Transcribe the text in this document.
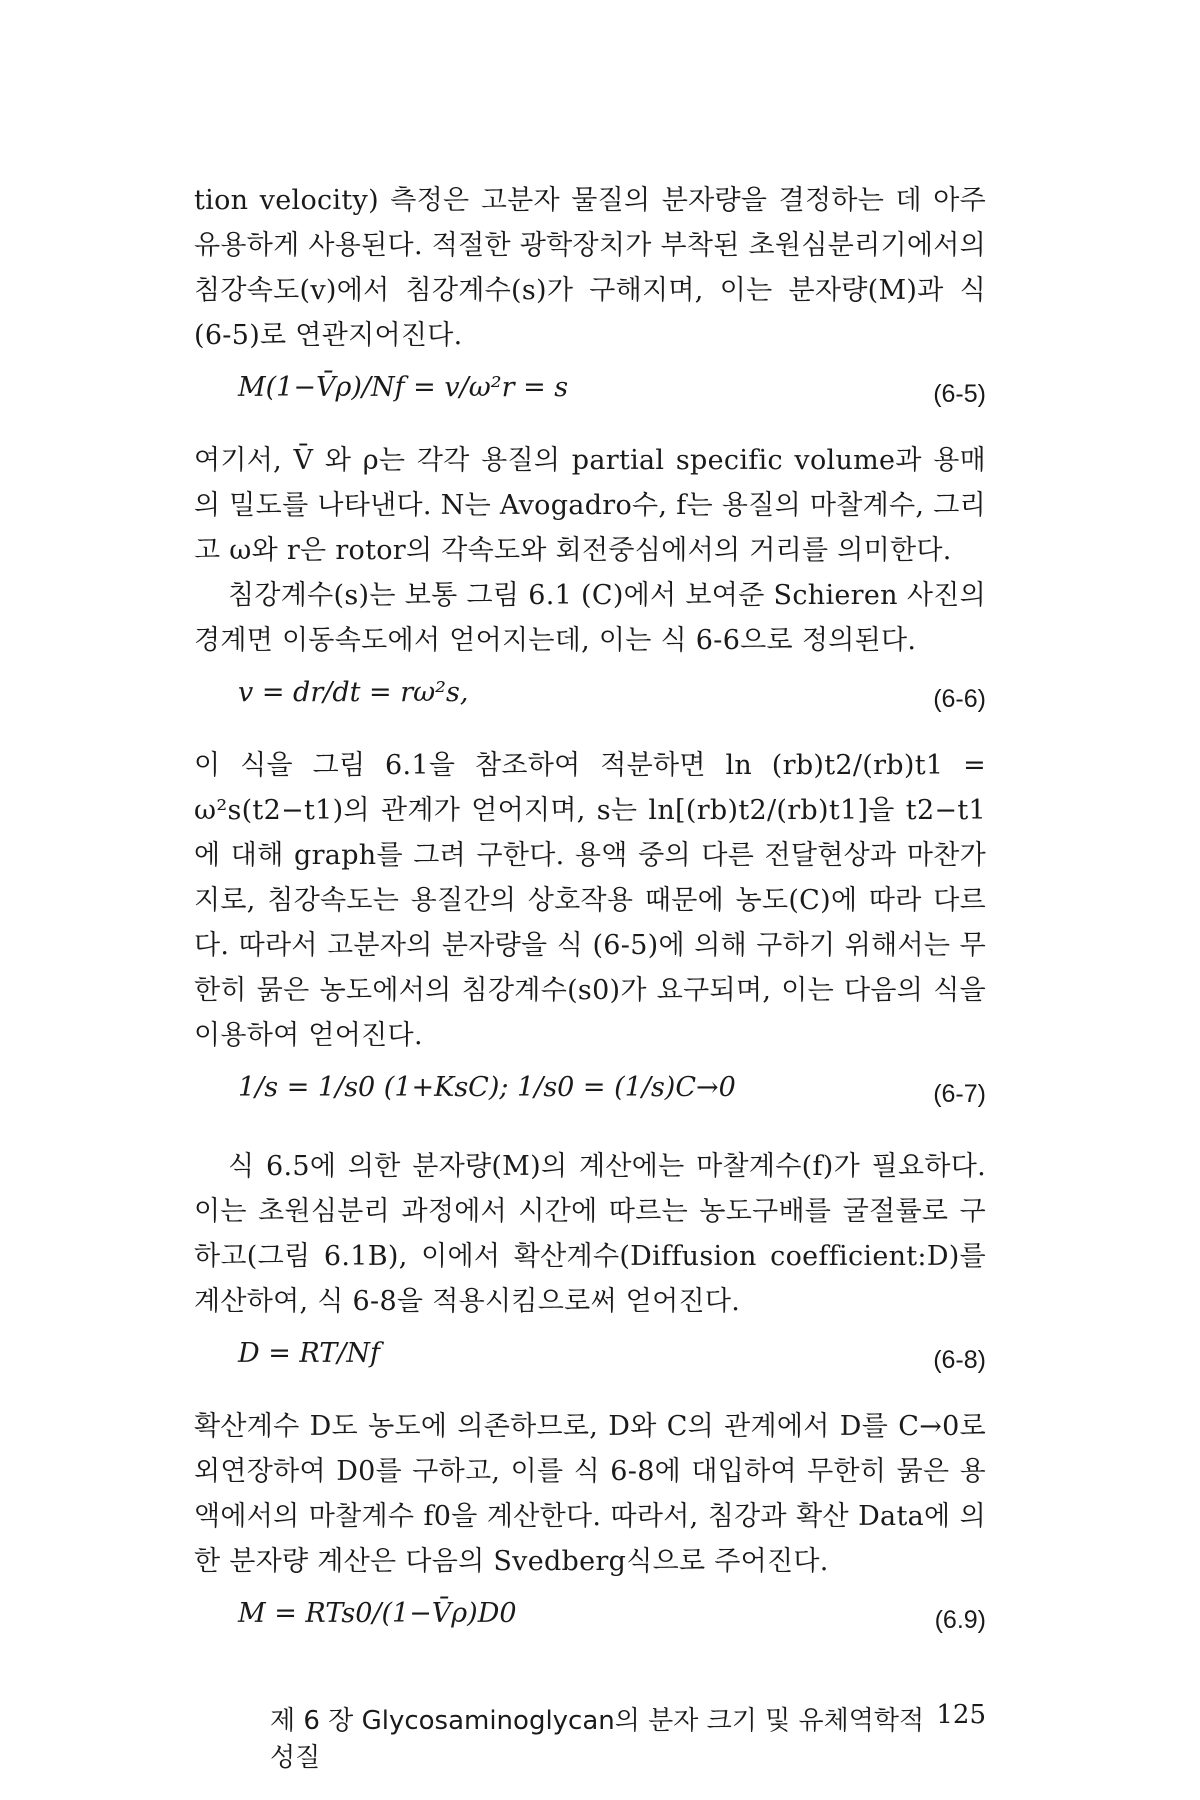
tion velocity) 측정은 고분자 물질의 분자량을 결정하는 데 아주 유용하게 사용된다. 적절한 광학장치가 부착된 초원심분리기에서의 침강속도(v)에서 침강계수(s)가 구해지며, 이는 분자량(M)과 식 (6-5)로 연관지어진다.

M(1−V̄ρ)/Nf = v/ω²r = s	(6-5)

여기서, V̄ 와 ρ는 각각 용질의 partial specific volume과 용매의 밀도를 나타낸다. N는 Avogadro수, f는 용질의 마찰계수, 그리고 ω와 r은 rotor의 각속도와 회전중심에서의 거리를 의미한다.

침강계수(s)는 보통 그림 6.1 (C)에서 보여준 Schieren 사진의 경계면 이동속도에서 얻어지는데, 이는 식 6-6으로 정의된다.

v = dr/dt = rω²s,	(6-6)

이 식을 그림 6.1을 참조하여 적분하면 ln (rb)t2/(rb)t1 = ω²s(t2−t1)의 관계가 얻어지며, s는 ln[(rb)t2/(rb)t1]을 t2−t1에 대해 graph를 그려 구한다. 용액 중의 다른 전달현상과 마찬가지로, 침강속도는 용질간의 상호작용 때문에 농도(C)에 따라 다르다. 따라서 고분자의 분자량을 식 (6-5)에 의해 구하기 위해서는 무한히 묽은 농도에서의 침강계수(s0)가 요구되며, 이는 다음의 식을 이용하여 얻어진다.

1/s = 1/s0 (1+KsC); 1/s0 = (1/s)C→0	(6-7)

식 6.5에 의한 분자량(M)의 계산에는 마찰계수(f)가 필요하다. 이는 초원심분리 과정에서 시간에 따르는 농도구배를 굴절률로 구하고(그림 6.1B), 이에서 확산계수(Diffusion coefficient:D)를 계산하여, 식 6-8을 적용시킴으로써 얻어진다.

D = RT/Nf	(6-8)

확산계수 D도 농도에 의존하므로, D와 C의 관계에서 D를 C→0로 외연장하여 D0를 구하고, 이를 식 6-8에 대입하여 무한히 묽은 용액에서의 마찰계수 f0을 계산한다. 따라서, 침강과 확산 Data에 의한 분자량 계산은 다음의 Svedberg식으로 주어진다.

M = RTs0/(1−V̄ρ)D0	(6.9)
제 6 장 Glycosaminoglycan의 분자 크기 및 유체역학적 성질
125
